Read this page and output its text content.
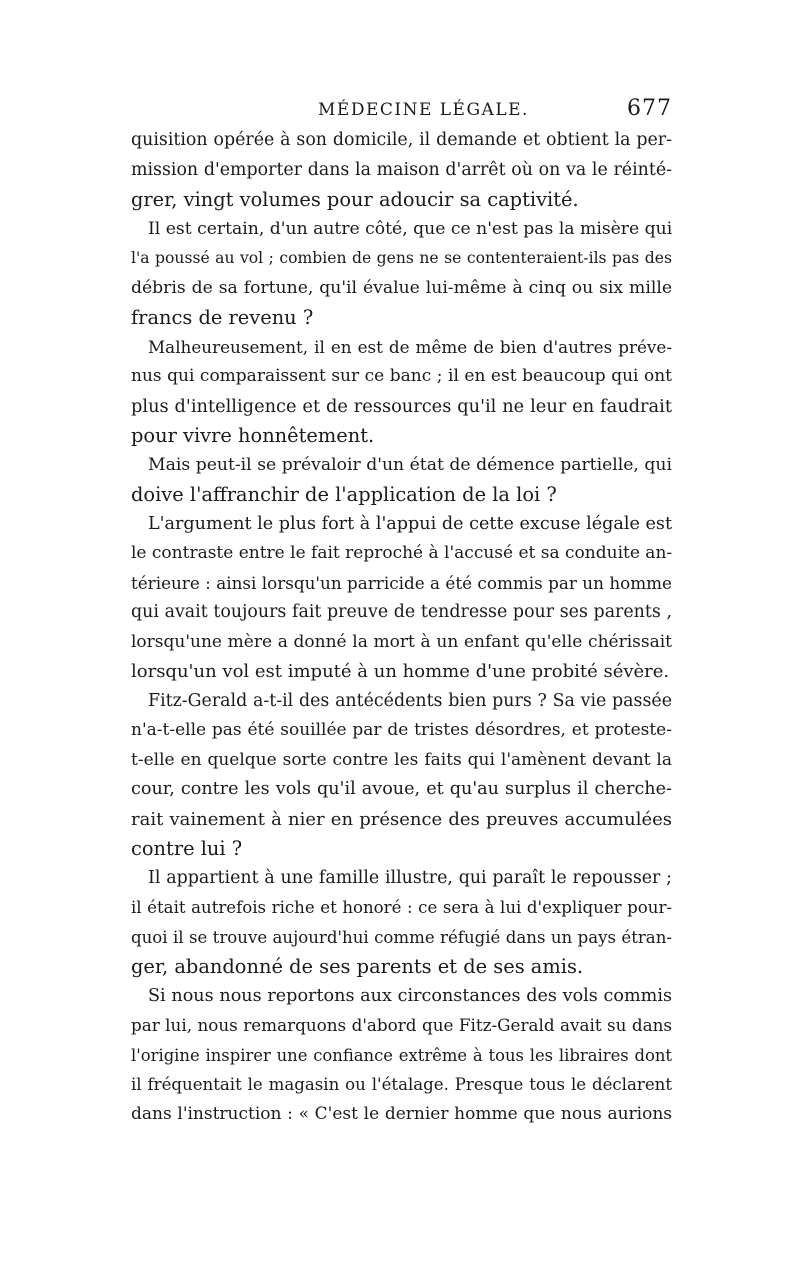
MÉDECINE LÉGALE.	677
quisition opérée à son domicile, il demande et obtient la per-
mission d'emporter dans la maison d'arrêt où on va le réinté-
grer, vingt volumes pour adoucir sa captivité.
Il est certain, d'un autre côté, que ce n'est pas la misère qui
l'a poussé au vol ; combien de gens ne se contenteraient-ils pas des
débris de sa fortune, qu'il évalue lui-même à cinq ou six mille
francs de revenu ?
Malheureusement, il en est de même de bien d'autres préve-
nus qui comparaissent sur ce banc ; il en est beaucoup qui ont
plus d'intelligence et de ressources qu'il ne leur en faudrait
pour vivre honnêtement.
Mais peut-il se prévaloir d'un état de démence partielle, qui
doive l'affranchir de l'application de la loi ?
L'argument le plus fort à l'appui de cette excuse légale est
le contraste entre le fait reproché à l'accusé et sa conduite an-
térieure : ainsi lorsqu'un parricide a été commis par un homme
qui avait toujours fait preuve de tendresse pour ses parents ,
lorsqu'une mère a donné la mort à un enfant qu'elle chérissait
lorsqu'un vol est imputé à un homme d'une probité sévère.
Fitz-Gerald a-t-il des antécédents bien purs ? Sa vie passée
n'a-t-elle pas été souillée par de tristes désordres, et proteste-
t-elle en quelque sorte contre les faits qui l'amènent devant la
cour, contre les vols qu'il avoue, et qu'au surplus il cherche-
rait vainement à nier en présence des preuves accumulées
contre lui ?
Il appartient à une famille illustre, qui paraît le repousser ;
il était autrefois riche et honoré : ce sera à lui d'expliquer pour-
quoi il se trouve aujourd'hui comme réfugié dans un pays étran-
ger, abandonné de ses parents et de ses amis.
Si nous nous reportons aux circonstances des vols commis
par lui, nous remarquons d'abord que Fitz-Gerald avait su dans
l'origine inspirer une confiance extrême à tous les libraires dont
il fréquentait le magasin ou l'étalage. Presque tous le déclarent
dans l'instruction : « C'est le dernier homme que nous aurions
